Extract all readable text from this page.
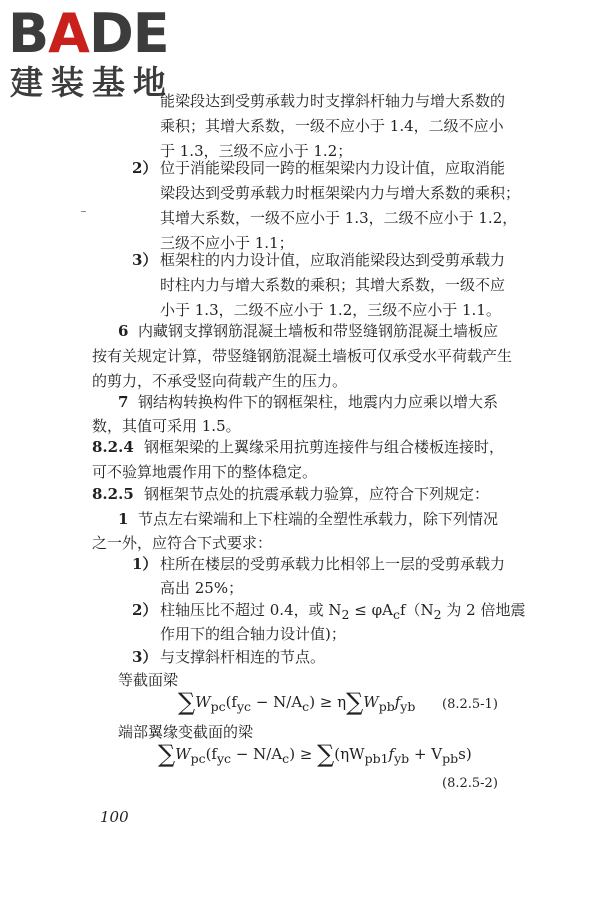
BADE
建装基地
能梁段达到受剪承载力时支撑斜杆轴力与增大系数的
乘积；其增大系数，一级不应小于 1.4，二级不应小
于 1.3，三级不应小于 1.2；
2） 位于消能梁段同一跨的框架梁内力设计值，应取消能
梁段达到受剪承载力时框架梁内力与增大系数的乘积；
其增大系数，一级不应小于 1.3，二级不应小于 1.2，
三级不应小于 1.1；
3） 框架柱的内力设计值，应取消能梁段达到受剪承载力
时柱内力与增大系数的乘积；其增大系数，一级不应
小于 1.3，二级不应小于 1.2，三级不应小于 1.1。
6 内藏钢支撑钢筋混凝土墙板和带竖缝钢筋混凝土墙板应
按有关规定计算，带竖缝钢筋混凝土墙板可仅承受水平荷载产生
的剪力，不承受竖向荷载产生的压力。
7 钢结构转换构件下的钢框架柱，地震内力应乘以增大系
数，其值可采用 1.5。
8.2.4 钢框架梁的上翼缘采用抗剪连接件与组合楼板连接时，
可不验算地震作用下的整体稳定。
8.2.5 钢框架节点处的抗震承载力验算，应符合下列规定：
1 节点左右梁端和上下柱端的全塑性承载力，除下列情况
之一外，应符合下式要求：
1） 柱所在楼层的受剪承载力比相邻上一层的受剪承载力
高出 25%；
2） 柱轴压比不超过 0.4，或 $N_2 \le \varphi A_cf(N_2$ 为 2 倍地震
作用下的组合轴力设计值)；
3） 与支撑斜杆相连的节点。
等截面梁
$\sum W_{pc}(f_{yc} - N/A_c) \ge \eta\sum W_{pb}f_{yb}$ (8.2.5-1)
端部翼缘变截面的梁
$\sum W_{pc}(f_{yc} - N/A_c) \ge \sum(\eta W_{pb1}f_{yb} + V_{pb}s)$
(8.2.5-2)
100
